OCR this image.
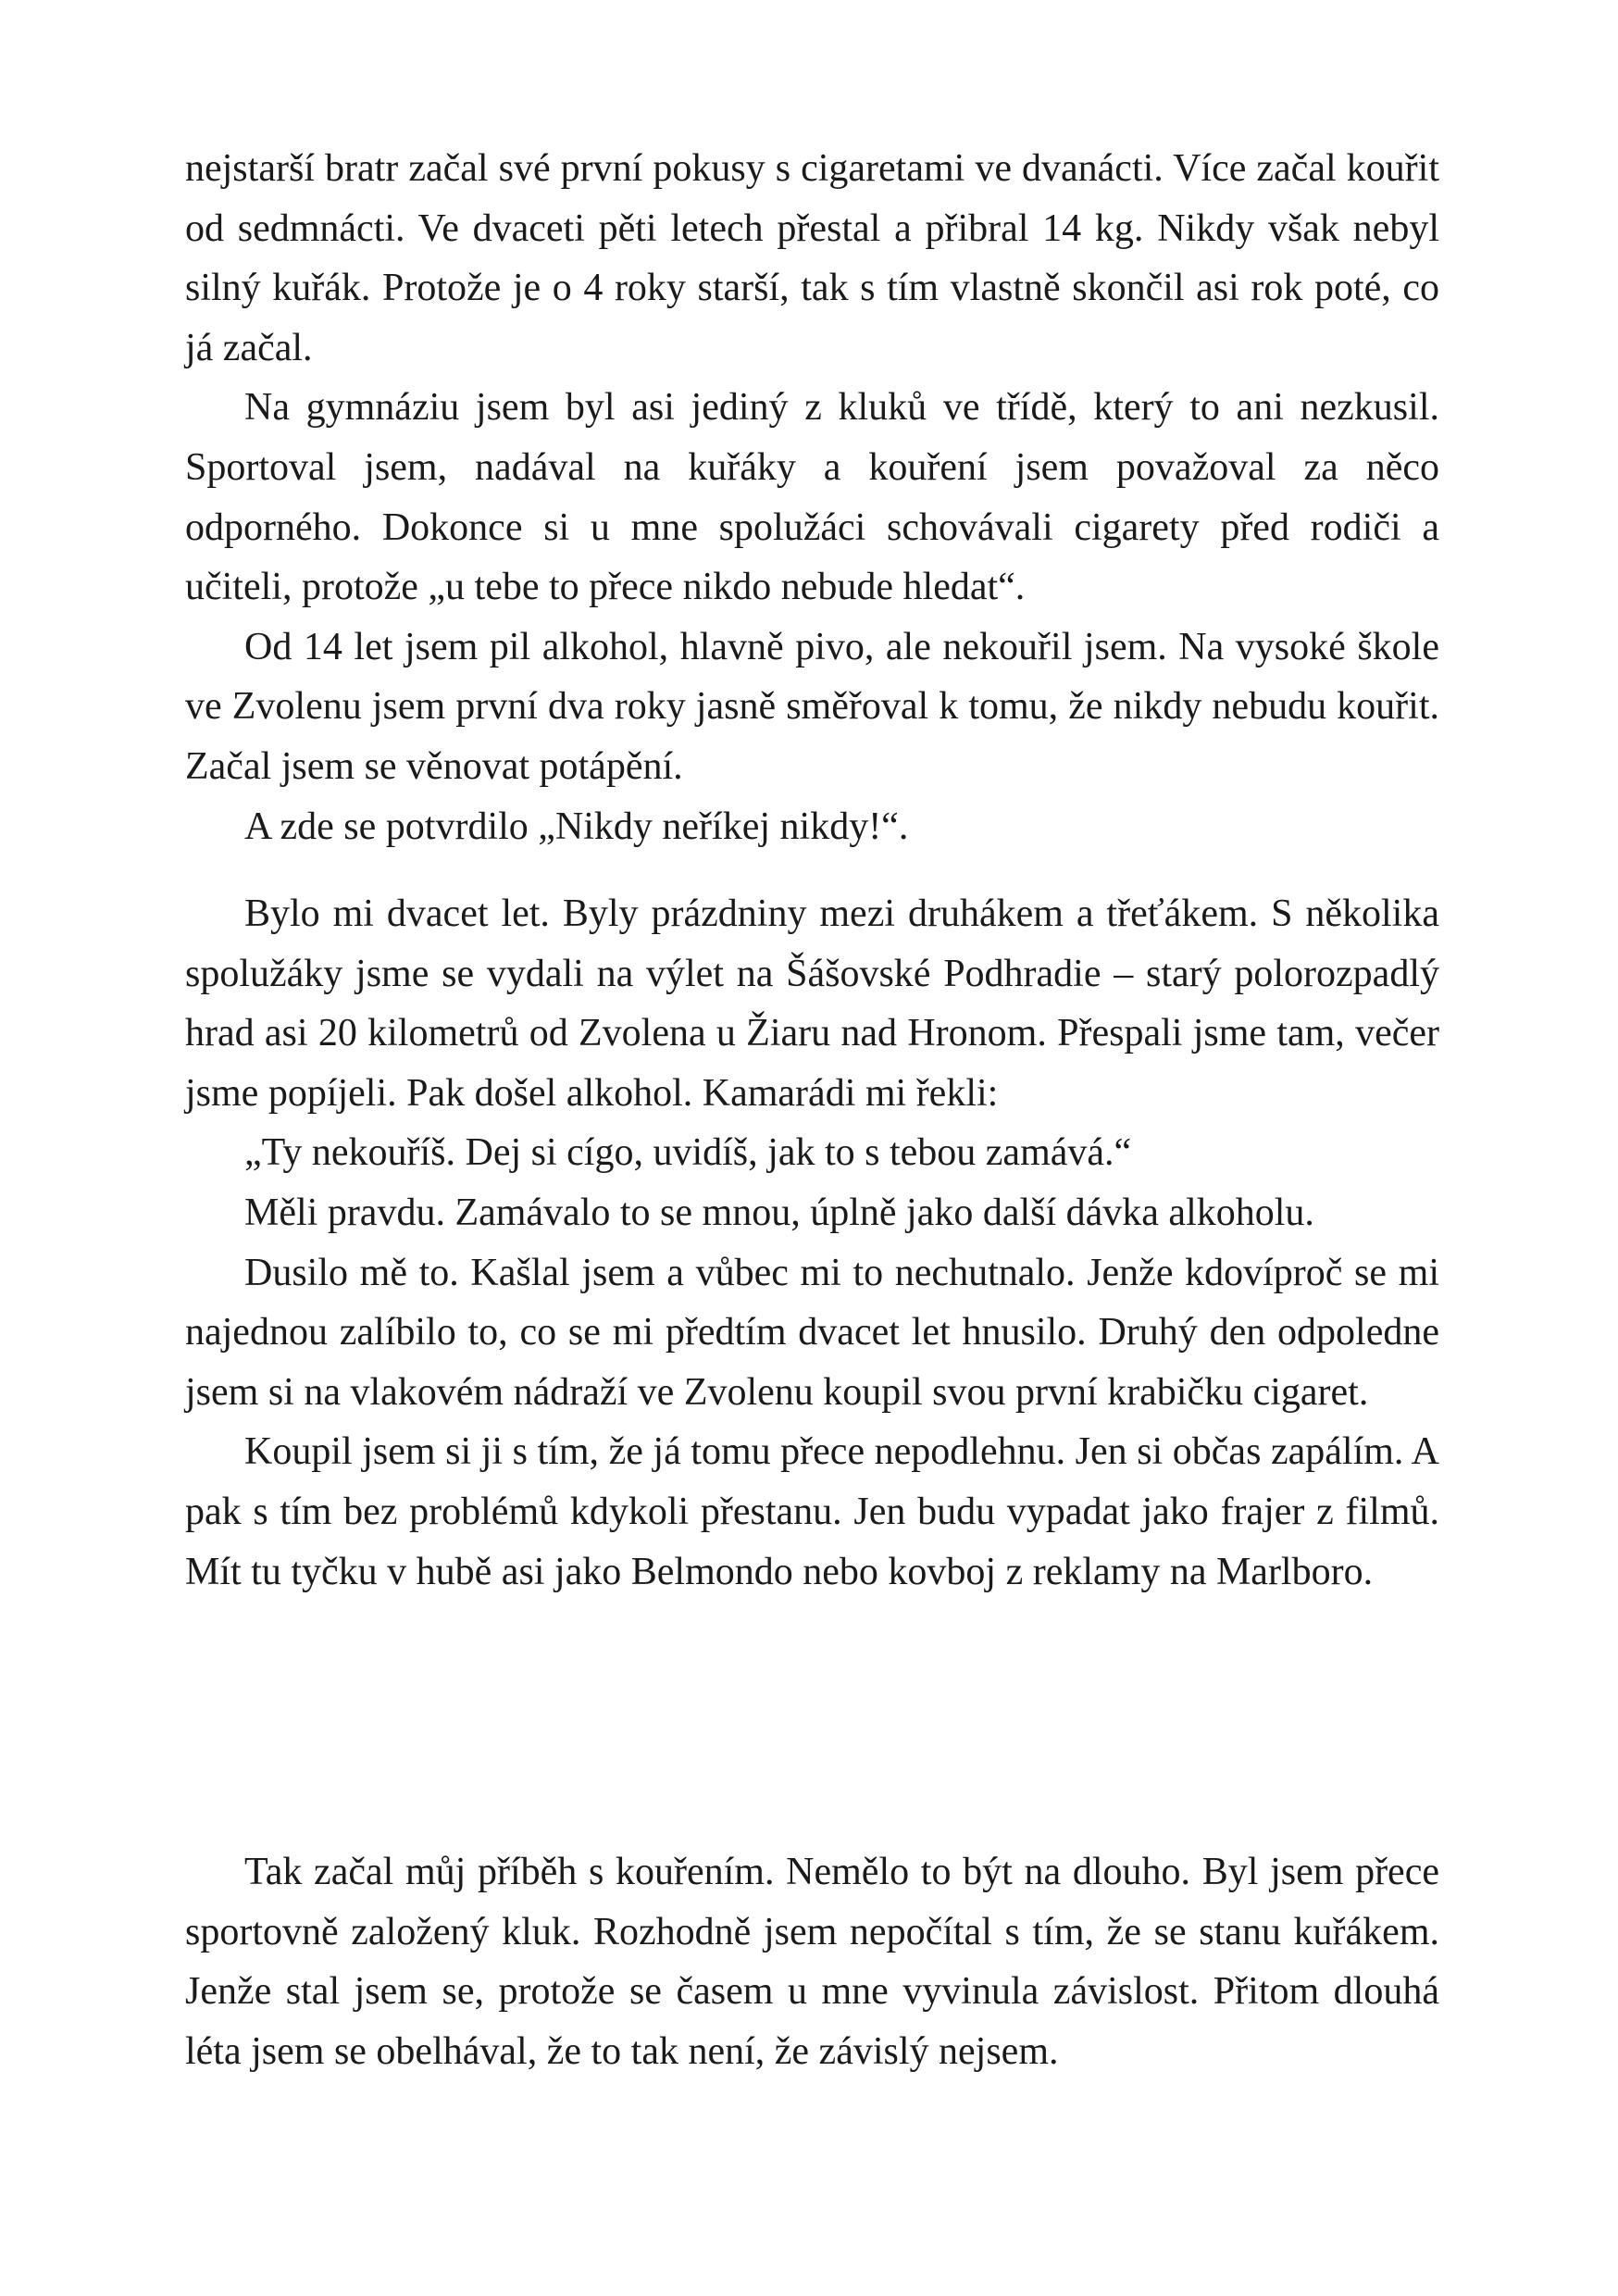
nejstarší bratr začal své první pokusy s cigaretami ve dvanácti. Více začal kouřit od sedmnácti. Ve dvaceti pěti letech přestal a přibral 14 kg. Nikdy však nebyl silný kuřák. Protože je o 4 roky starší, tak s tím vlastně skončil asi rok poté, co já začal.

Na gymnáziu jsem byl asi jediný z kluků ve třídě, který to ani nezkusil. Sportoval jsem, nadával na kuřáky a kouření jsem považoval za něco odporného. Dokonce si u mne spolužáci schovávali cigarety před rodiči a učiteli, protože „u tebe to přece nikdo nebude hledat“.

Od 14 let jsem pil alkohol, hlavně pivo, ale nekouřil jsem. Na vysoké škole ve Zvolenu jsem první dva roky jasně směřoval k tomu, že nikdy nebudu kouřit. Začal jsem se věnovat potápění.

A zde se potvrdilo „Nikdy neříkej nikdy!“.

Bylo mi dvacet let. Byly prázdniny mezi druhákem a třeťákem. S několika spolužáky jsme se vydali na výlet na Šášovské Podhradie – starý polorozpadlý hrad asi 20 kilometrů od Zvolena u Žiaru nad Hronom. Přespali jsme tam, večer jsme popíjeli. Pak došel alkohol. Kamarádi mi řekli:

„Ty nekouříš. Dej si cígo, uvidíš, jak to s tebou zamává.“

Měli pravdu. Zamávalo to se mnou, úplně jako další dávka alkoholu.

Dusilo mě to. Kašlal jsem a vůbec mi to nechutnalo. Jenže kdovíproč se mi najednou zalíbilo to, co se mi předtím dvacet let hnusilo. Druhý den odpoledne jsem si na vlakovém nádraží ve Zvolenu koupil svou první krabičku cigaret.

Koupil jsem si ji s tím, že já tomu přece nepodlehnu. Jen si občas zapálím. A pak s tím bez problémů kdykoli přestanu. Jen budu vypadat jako frajer z filmů. Mít tu tyčku v hubě asi jako Belmondo nebo kovboj z reklamy na Marlboro.

Tak začal můj příběh s kouřením. Nemělo to být na dlouho. Byl jsem přece sportovně založený kluk. Rozhodně jsem nepočítal s tím, že se stanu kuřákem. Jenže stal jsem se, protože se časem u mne vyvinula závislost. Přitom dlouhá léta jsem se obelhával, že to tak není, že závislý nejsem.
